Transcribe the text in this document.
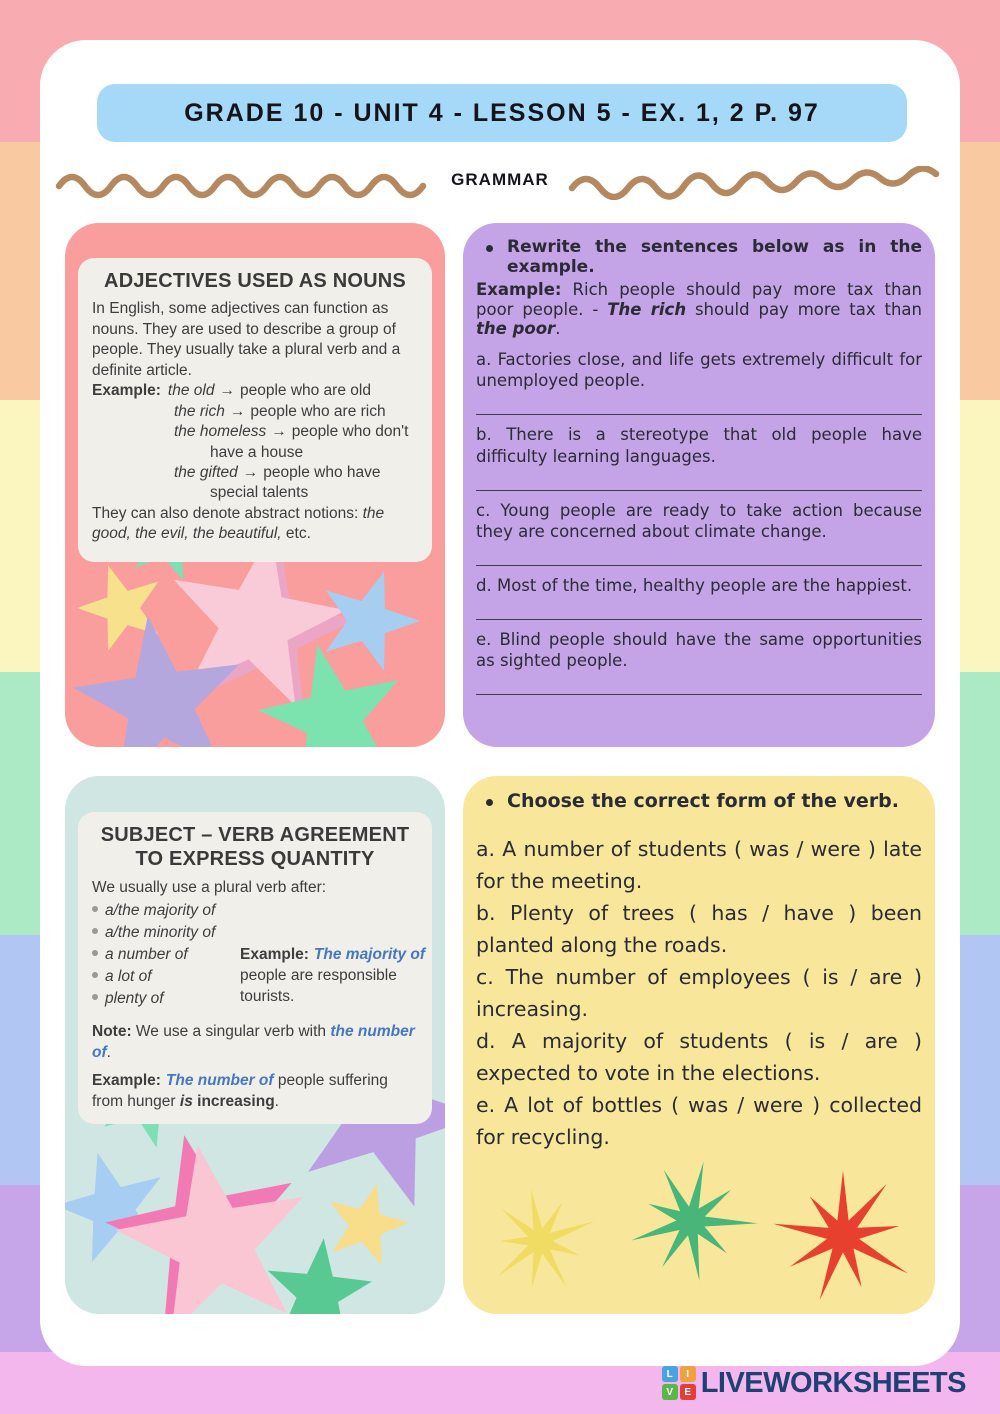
GRADE 10 - UNIT 4 - LESSON 5 - EX. 1, 2 P. 97
GRAMMAR
ADJECTIVES USED AS NOUNS

In English, some adjectives can function as nouns. They are used to describe a group of people. They usually take a plural verb and a definite article.

Example: the old → people who are old
the rich → people who are rich
the homeless → people who don't have a house
the gifted → people who have special talents

They can also denote abstract notions: the good, the evil, the beautiful, etc.

Rewrite the sentences below as in the example.

Example: Rich people should pay more tax than poor people. - The rich should pay more tax than the poor.

a. Factories close, and life gets extremely difficult for unemployed people.

b. There is a stereotype that old people have difficulty learning languages.

c. Young people are ready to take action because they are concerned about climate change.

d. Most of the time, healthy people are the happiest.

e. Blind people should have the same opportunities as sighted people.

SUBJECT – VERB AGREEMENT
TO EXPRESS QUANTITY

We usually use a plural verb after:

a/the majority of
a/the minority of
a number of
a lot of
plenty of
Example: The majority of people are responsible tourists.

Note: We use a singular verb with the number of.

Example: The number of people suffering from hunger is increasing.

Choose the correct form of the verb.

a. A number of students ( was / were ) late for the meeting.

b. Plenty of trees ( has / have ) been planted along the roads.

c. The number of employees ( is / are ) increasing.

d. A majority of students ( is / are ) expected to vote in the elections.

e. A lot of bottles ( was / were ) collected for recycling.

L	I
V	E LIVEWORKSHEETS
